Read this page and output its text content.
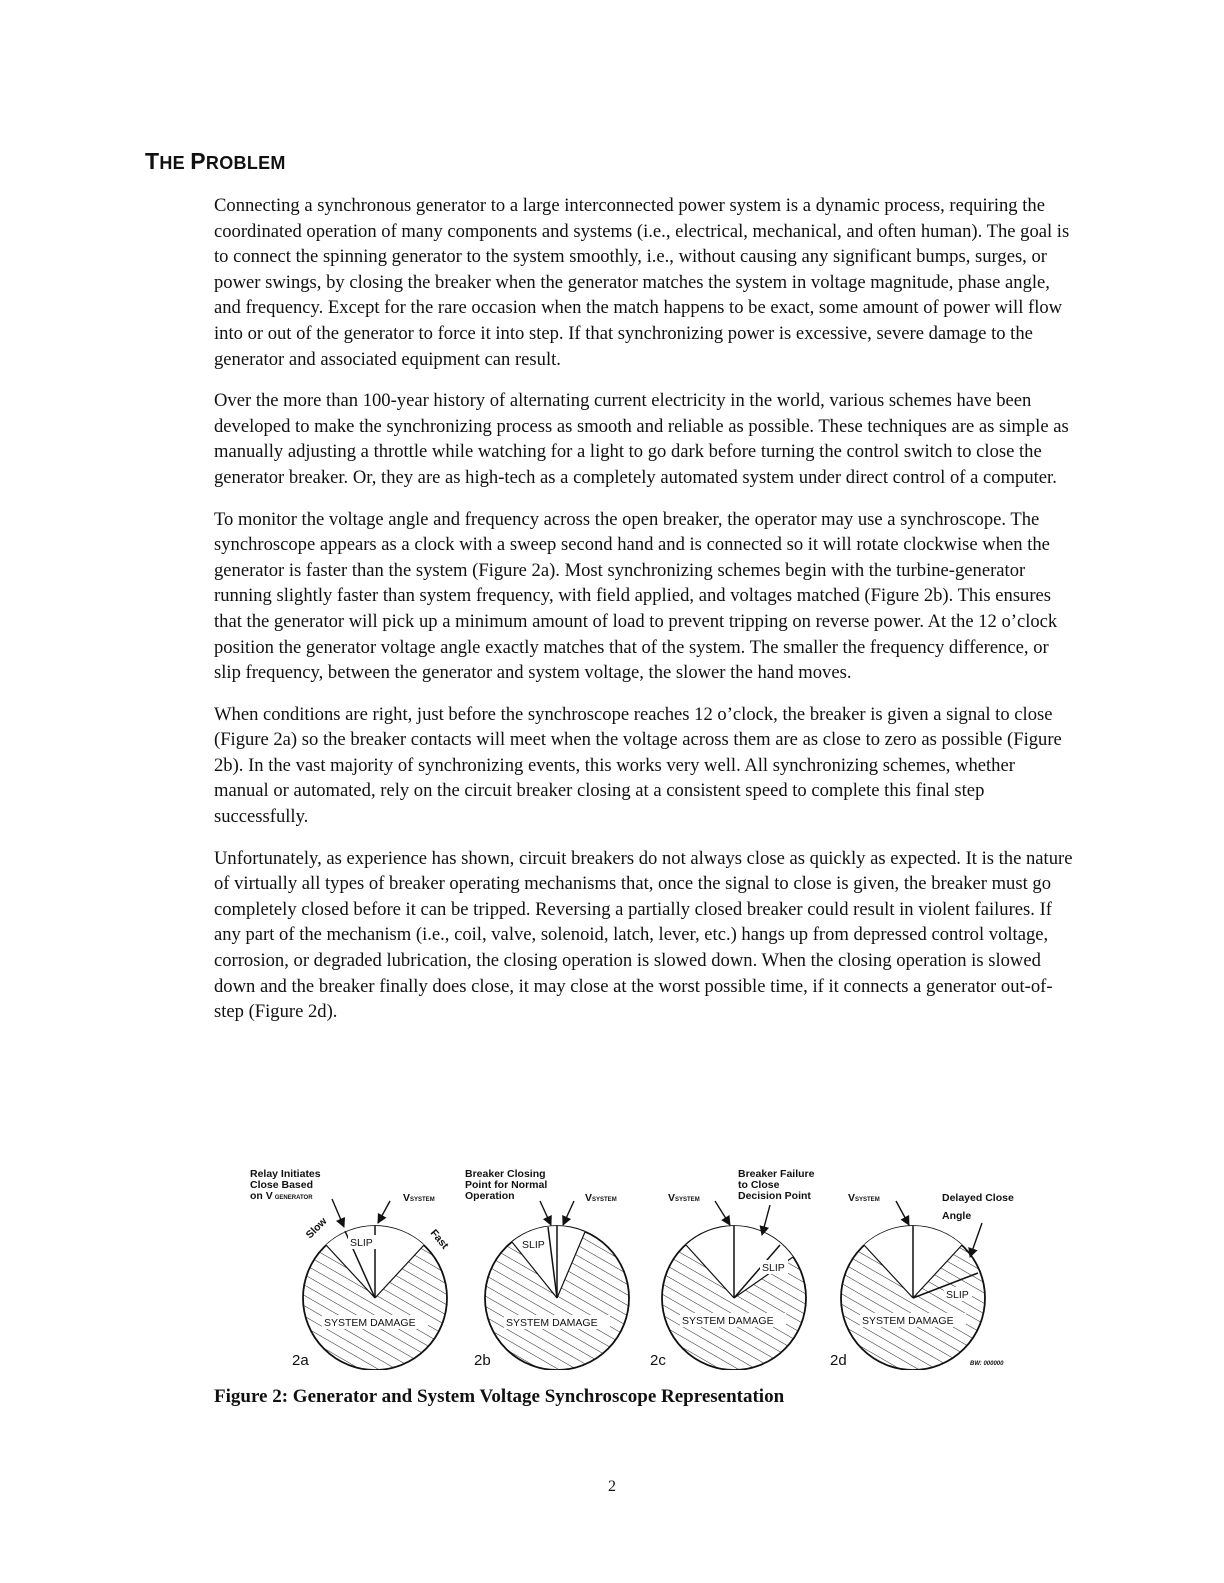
THE PROBLEM

Connecting a synchronous generator to a large interconnected power system is a dynamic process, requiring the coordinated operation of many components and systems (i.e., electrical, mechanical, and often human). The goal is to connect the spinning generator to the system smoothly, i.e., without causing any significant bumps, surges, or power swings, by closing the breaker when the generator matches the system in voltage magnitude, phase angle, and frequency. Except for the rare occasion when the match happens to be exact, some amount of power will flow into or out of the generator to force it into step. If that synchronizing power is excessive, severe damage to the generator and associated equipment can result.

Over the more than 100-year history of alternating current electricity in the world, various schemes have been developed to make the synchronizing process as smooth and reliable as possible. These techniques are as simple as manually adjusting a throttle while watching for a light to go dark before turning the control switch to close the generator breaker. Or, they are as high-tech as a completely automated system under direct control of a computer.

To monitor the voltage angle and frequency across the open breaker, the operator may use a synchroscope. The synchroscope appears as a clock with a sweep second hand and is connected so it will rotate clockwise when the generator is faster than the system (Figure 2a). Most synchronizing schemes begin with the turbine-generator running slightly faster than system frequency, with field applied, and voltages matched (Figure 2b). This ensures that the generator will pick up a minimum amount of load to prevent tripping on reverse power. At the 12 o’clock position the generator voltage angle exactly matches that of the system. The smaller the frequency difference, or slip frequency, between the generator and system voltage, the slower the hand moves.

When conditions are right, just before the synchroscope reaches 12 o’clock, the breaker is given a signal to close (Figure 2a) so the breaker contacts will meet when the voltage across them are as close to zero as possible (Figure 2b). In the vast majority of synchronizing events, this works very well. All synchronizing schemes, whether manual or automated, rely on the circuit breaker closing at a consistent speed to complete this final step successfully.

Unfortunately, as experience has shown, circuit breakers do not always close as quickly as expected. It is the nature of virtually all types of breaker operating mechanisms that, once the signal to close is given, the breaker must go completely closed before it can be tripped. Reversing a partially closed breaker could result in violent failures. If any part of the mechanism (i.e., coil, valve, solenoid, latch, lever, etc.) hangs up from depressed control voltage, corrosion, or degraded lubrication, the closing operation is slowed down. When the closing operation is slowed down and the breaker finally does close, it may close at the worst possible time, if it connects a generator out-of-step (Figure 2d).

Relay Initiates
Close Based
on V GENERATOR	VSYSTEM
SLIP
Slow	Fast
SYSTEM DAMAGE
2a
Breaker Closing
Point for Normal
Operation	VSYSTEM
SLIP
SYSTEM DAMAGE
2b
Breaker Failure
to Close
Decision Point
VSYSTEM
SLIP
SYSTEM DAMAGE
2c
Delayed Close
Angle
VSYSTEM
SLIP
SYSTEM DAMAGE
2d	BW: 000000
Figure 2: Generator and System Voltage Synchroscope Representation
2
